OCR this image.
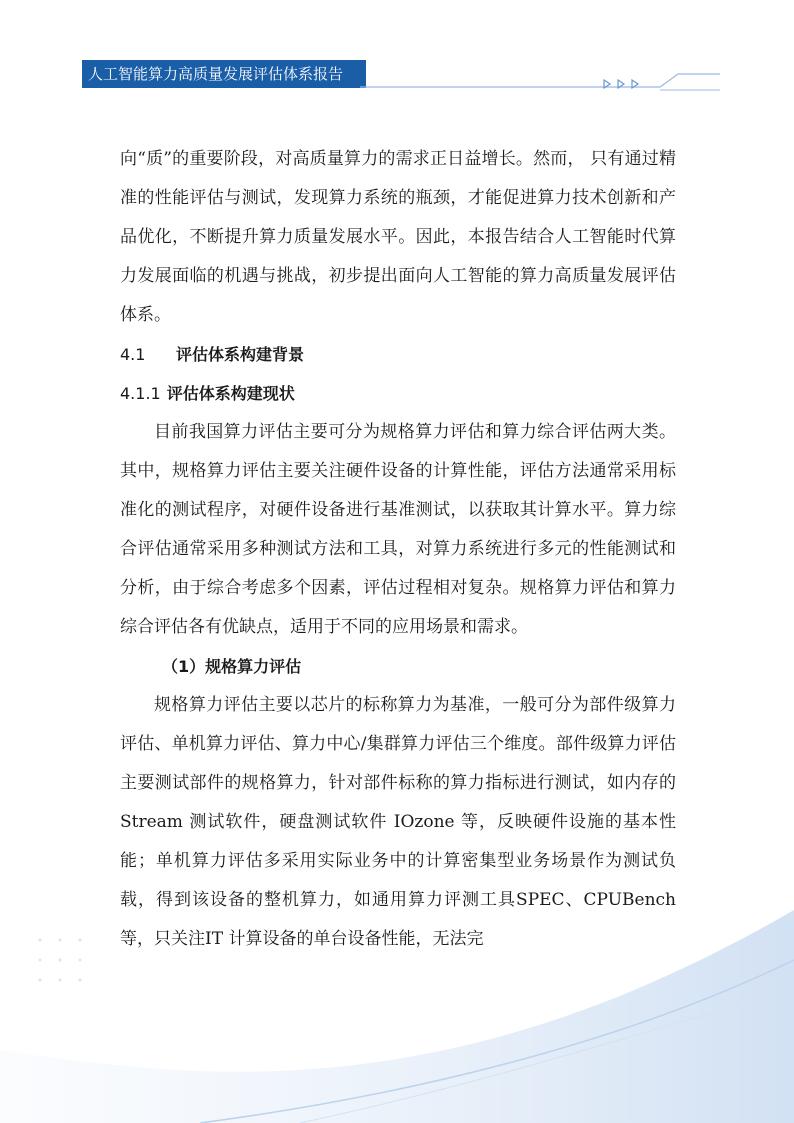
人工智能算力高质量发展评估体系报告

向“质”的重要阶段，对高质量算力的需求正日益增长。然而， 只有通过精准的性能评估与测试，发现算力系统的瓶颈，才能促进算力技术创新和产品优化，不断提升算力质量发展水平。因此，本报告结合人工智能时代算力发展面临的机遇与挑战，初步提出面向人工智能的算力高质量发展评估体系。

4.1 评估体系构建背景

4.1.1 评估体系构建现状

目前我国算力评估主要可分为规格算力评估和算力综合评估两大类。其中，规格算力评估主要关注硬件设备的计算性能，评估方法通常采用标准化的测试程序，对硬件设备进行基准测试，以获取其计算水平。算力综合评估通常采用多种测试方法和工具，对算力系统进行多元的性能测试和分析，由于综合考虑多个因素，评估过程相对复杂。规格算力评估和算力综合评估各有优缺点，适用于不同的应用场景和需求。

（1）规格算力评估

规格算力评估主要以芯片的标称算力为基准，一般可分为部件级算力评估、单机算力评估、算力中心/集群算力评估三个维度。部件级算力评估主要测试部件的规格算力，针对部件标称的算力指标进行测试，如内存的 Stream 测试软件，硬盘测试软件 IOzone 等，反映硬件设施的基本性能；单机算力评估多采用实际业务中的计算密集型业务场景作为测试负载，得到该设备的整机算力，如通用算力评测工具SPEC、CPUBench 等，只关注IT 计算设备的单台设备性能，无法完
